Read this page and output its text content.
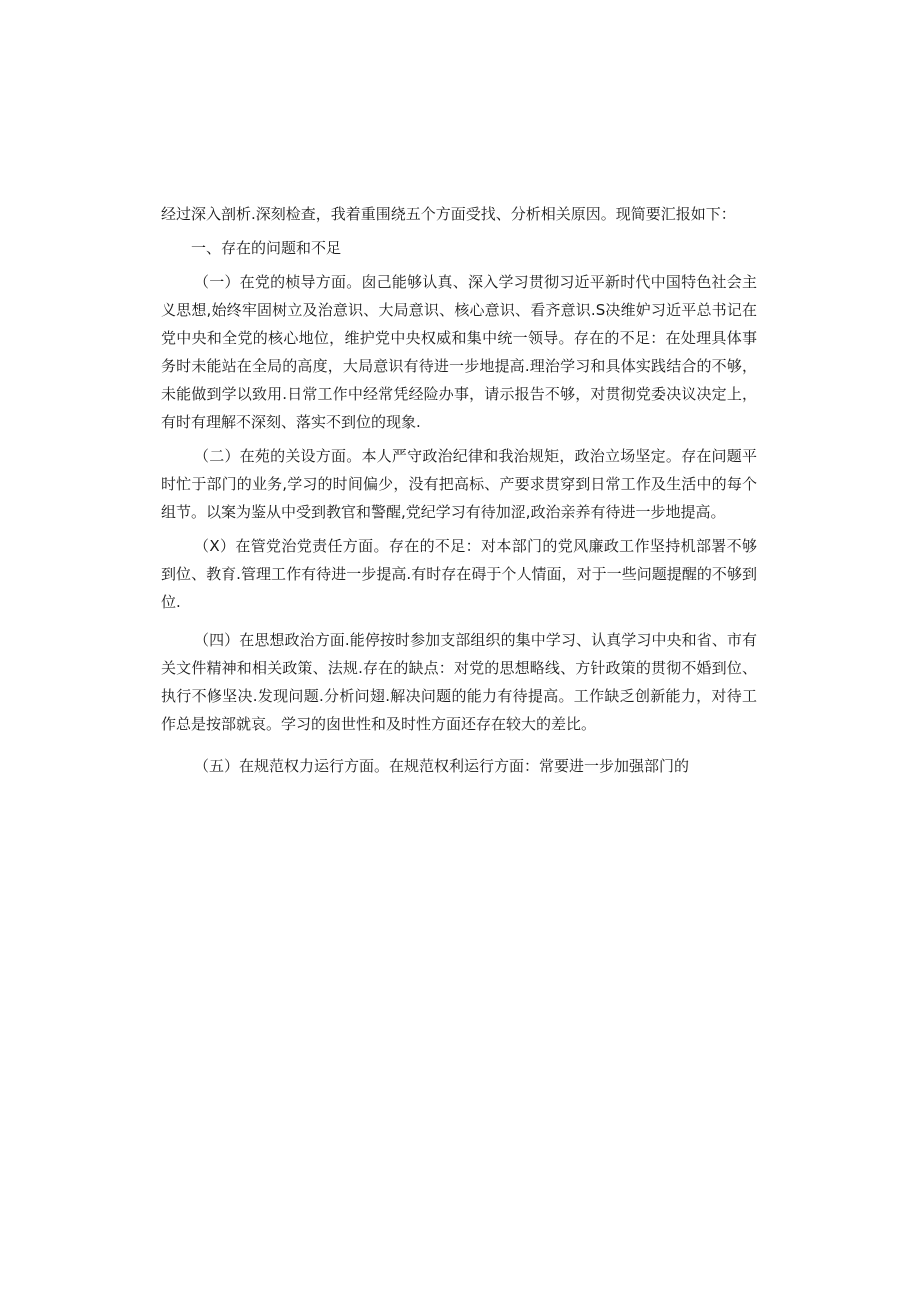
经过深入剖析.深刻检查，我着重围绕五个方面受找、分析相关原因。现简要汇报如下：

一、存在的问题和不足

（一）在党的桢导方面。囱己能够认真、深入学习贯彻习近平新时代中国特色社会主义思想,始终牢固树立及治意识、大局意识、核心意识、看齐意识.S决维妒习近平总书记在党中央和全党的核心地位，维护党中央权威和集中统一领导。存在的不足：在处理具体事务时未能站在全局的高度，大局意识有待进一步地提高.理治学习和具体实践结合的不够，未能做到学以致用.日常工作中经常凭经险办事，请示报告不够，对贯彻党委决议决定上，有时有理解不深刻、落实不到位的现象.

（二）在苑的关设方面。本人严守政治纪律和我治规矩，政治立场坚定。存在问题平时忙于部门的业务,学习的时间偏少，没有把高标、产要求贯穿到日常工作及生活中的每个组节。以案为鉴从中受到教官和警醒,党纪学习有待加涩,政治亲养有待进一步地提高。

（X）在管党治党责任方面。存在的不足：对本部门的党风廉政工作坚持机部署不够到位、教育.管理工作有待进一步提高.有时存在碍于个人情面，对于一些问题提醒的不够到位.

（四）在思想政治方面.能停按时参加支部组织的集中学习、认真学习中央和省、市有关文件精神和相关政策、法规.存在的缺点：对党的思想略线、方针政策的贯彻不婚到位、执行不修坚决.发现问题.分析问翅.解决问题的能力有待提高。工作缺乏创新能力，对待工作总是按部就哀。学习的囱世性和及时性方面还存在较大的差比。

（五）在规范权力运行方面。在规范权利运行方面：常要进一步加强部门的
